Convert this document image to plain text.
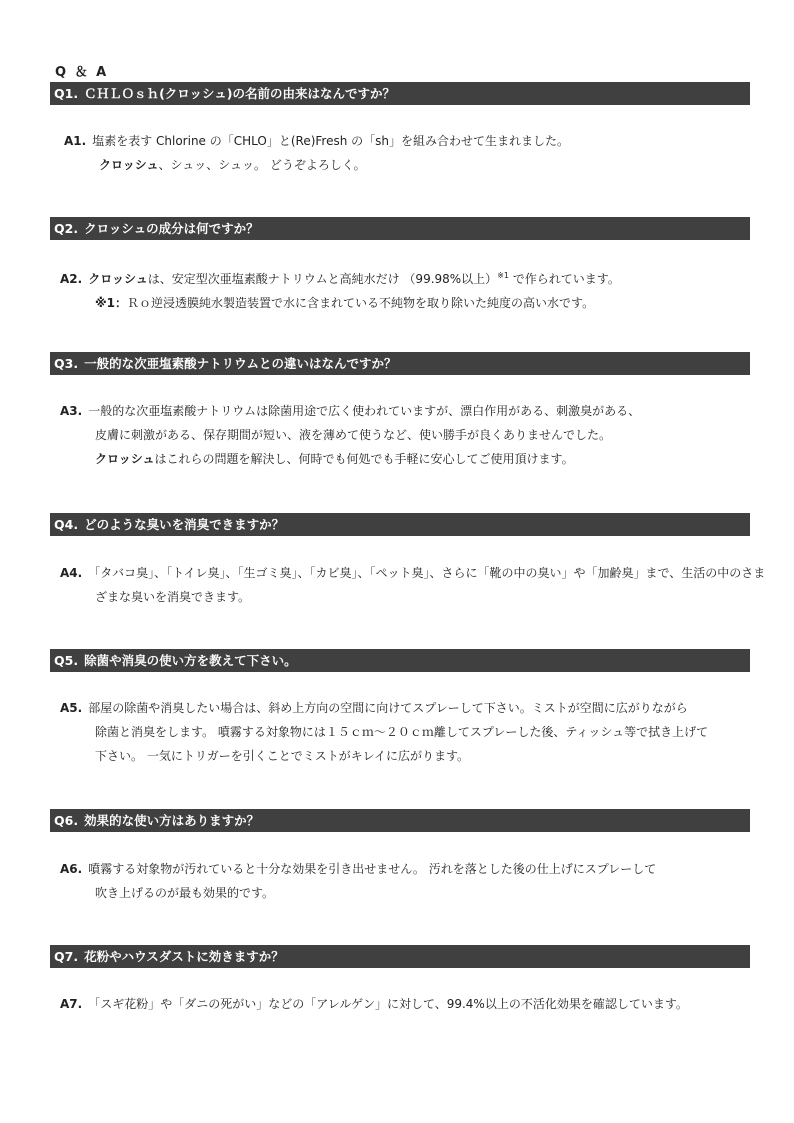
Q ＆ A
Q1. ＣＨＬＯｓｈ(クロッシュ)の名前の由来はなんですか？
A1. 塩素を表す Chlorine の「CHLO」と(Re)Fresh の「sh」を組み合わせて生まれました。
クロッシュ、シュッ、シュッ。 どうぞよろしく。
Q2. クロッシュの成分は何ですか？
A2. クロッシュは、安定型次亜塩素酸ナトリウムと高純水だけ （99.98%以上）$^{※1}$ で作られています。
※1：Ｒｏ逆浸透膜純水製造装置で水に含まれている不純物を取り除いた純度の高い水です。
Q3. 一般的な次亜塩素酸ナトリウムとの違いはなんですか？
A3. 一般的な次亜塩素酸ナトリウムは除菌用途で広く使われていますが、漂白作用がある、刺激臭がある、
皮膚に刺激がある、保存期間が短い、液を薄めて使うなど、使い勝手が良くありませんでした。
クロッシュはこれらの問題を解決し、何時でも何処でも手軽に安心してご使用頂けます。
Q4. どのような臭いを消臭できますか？
A4. 「タバコ臭」、「トイレ臭」、「生ゴミ臭」、「カビ臭」、「ペット臭」、さらに「靴の中の臭い」や「加齢臭」まで、生活の中のさま
ざまな臭いを消臭できます。
Q5. 除菌や消臭の使い方を教えて下さい。
A5. 部屋の除菌や消臭したい場合は、斜め上方向の空間に向けてスプレーして下さい。ミストが空間に広がりながら
除菌と消臭をします。 噴霧する対象物には１５ｃｍ～２０ｃｍ離してスプレーした後、ティッシュ等で拭き上げて
下さい。 一気にトリガーを引くことでミストがキレイに広がります。
Q6. 効果的な使い方はありますか？
A6. 噴霧する対象物が汚れていると十分な効果を引き出せません。 汚れを落とした後の仕上げにスプレーして
吹き上げるのが最も効果的です。
Q7. 花粉やハウスダストに効きますか？
A7. 「スギ花粉」や「ダニの死がい」などの「アレルゲン」に対して、99.4%以上の不活化効果を確認しています。
